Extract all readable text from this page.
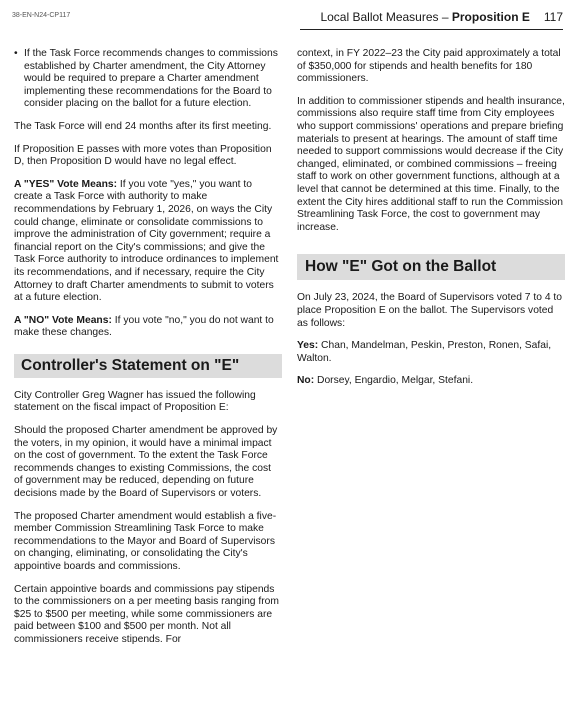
38-EN-N24-CP117	Local Ballot Measures – Proposition E 117

• If the Task Force recommends changes to commissions established by Charter amendment, the City Attorney would be required to prepare a Charter amendment implementing these recommendations for the Board to consider placing on the ballot for a future election.

The Task Force will end 24 months after its first meeting.

If Proposition E passes with more votes than Proposition D, then Proposition D would have no legal effect.

A "YES" Vote Means: If you vote "yes," you want to create a Task Force with authority to make recommendations by February 1, 2026, on ways the City could change, eliminate or consolidate commissions to improve the administration of City government; require a financial report on the City's commissions; and give the Task Force authority to introduce ordinances to implement its recommendations, and if necessary, require the City Attorney to draft Charter amendments to submit to voters at a future election.

A "NO" Vote Means: If you vote "no," you do not want to make these changes.

Controller's Statement on "E"

City Controller Greg Wagner has issued the following statement on the fiscal impact of Proposition E:

Should the proposed Charter amendment be approved by the voters, in my opinion, it would have a minimal impact on the cost of government. To the extent the Task Force recommends changes to existing Commissions, the cost of government may be reduced, depending on future decisions made by the Board of Supervisors or voters.

The proposed Charter amendment would establish a five-member Commission Streamlining Task Force to make recommendations to the Mayor and Board of Supervisors on changing, eliminating, or consolidating the City's appointive boards and commissions.

Certain appointive boards and commissions pay stipends to the commissioners on a per meeting basis ranging from $25 to $500 per meeting, while some commissioners are paid between $100 and $500 per month. Not all commissioners receive stipends. For

context, in FY 2022–23 the City paid approximately a total of $350,000 for stipends and health benefits for 180 commissioners.

In addition to commissioner stipends and health insurance, commissions also require staff time from City employees who support commissions' operations and prepare briefing materials to present at hearings. The amount of staff time needed to support commissions would decrease if the City changed, eliminated, or combined commissions – freeing staff to work on other government functions, although at a level that cannot be determined at this time. Finally, to the extent the City hires additional staff to run the Commission Streamlining Task Force, the cost to government may increase.

How "E" Got on the Ballot

On July 23, 2024, the Board of Supervisors voted 7 to 4 to place Proposition E on the ballot. The Supervisors voted as follows:

Yes: Chan, Mandelman, Peskin, Preston, Ronen, Safai, Walton.

No: Dorsey, Engardio, Melgar, Stefani.
